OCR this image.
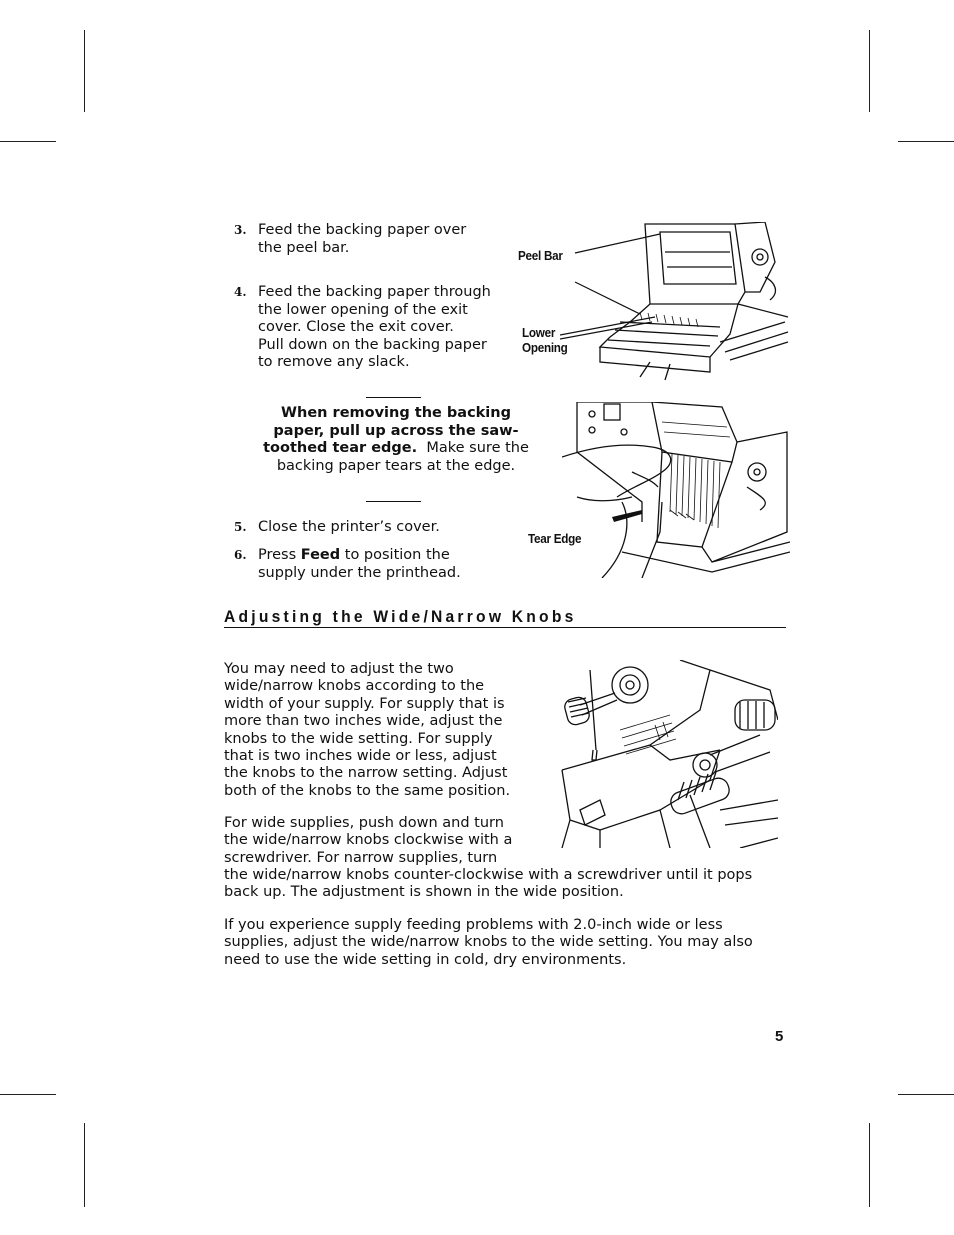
3. Feed the backing paper over
the peel bar.
4. Feed the backing paper through
the lower opening of the exit
cover. Close the exit cover.
Pull down on the backing paper
to remove any slack.
When removing the backing paper, pull up across the saw-toothed tear edge. Make sure the backing paper tears at the edge.
5. Close the printer’s cover.
6. Press Feed to position the
supply under the printhead.
Peel Bar
Lower
Opening
Tear Edge
Adjusting the Wide/Narrow Knobs
You may need to adjust the two
wide/narrow knobs according to the
width of your supply. For supply that is
more than two inches wide, adjust the
knobs to the wide setting. For supply
that is two inches wide or less, adjust
the knobs to the narrow setting. Adjust
both of the knobs to the same position.
For wide supplies, push down and turn
the wide/narrow knobs clockwise with a
screwdriver. For narrow supplies, turn
the wide/narrow knobs counter-clockwise with a screwdriver until it pops
back up. The adjustment is shown in the wide position.
If you experience supply feeding problems with 2.0-inch wide or less
supplies, adjust the wide/narrow knobs to the wide setting. You may also
need to use the wide setting in cold, dry environments.
5
